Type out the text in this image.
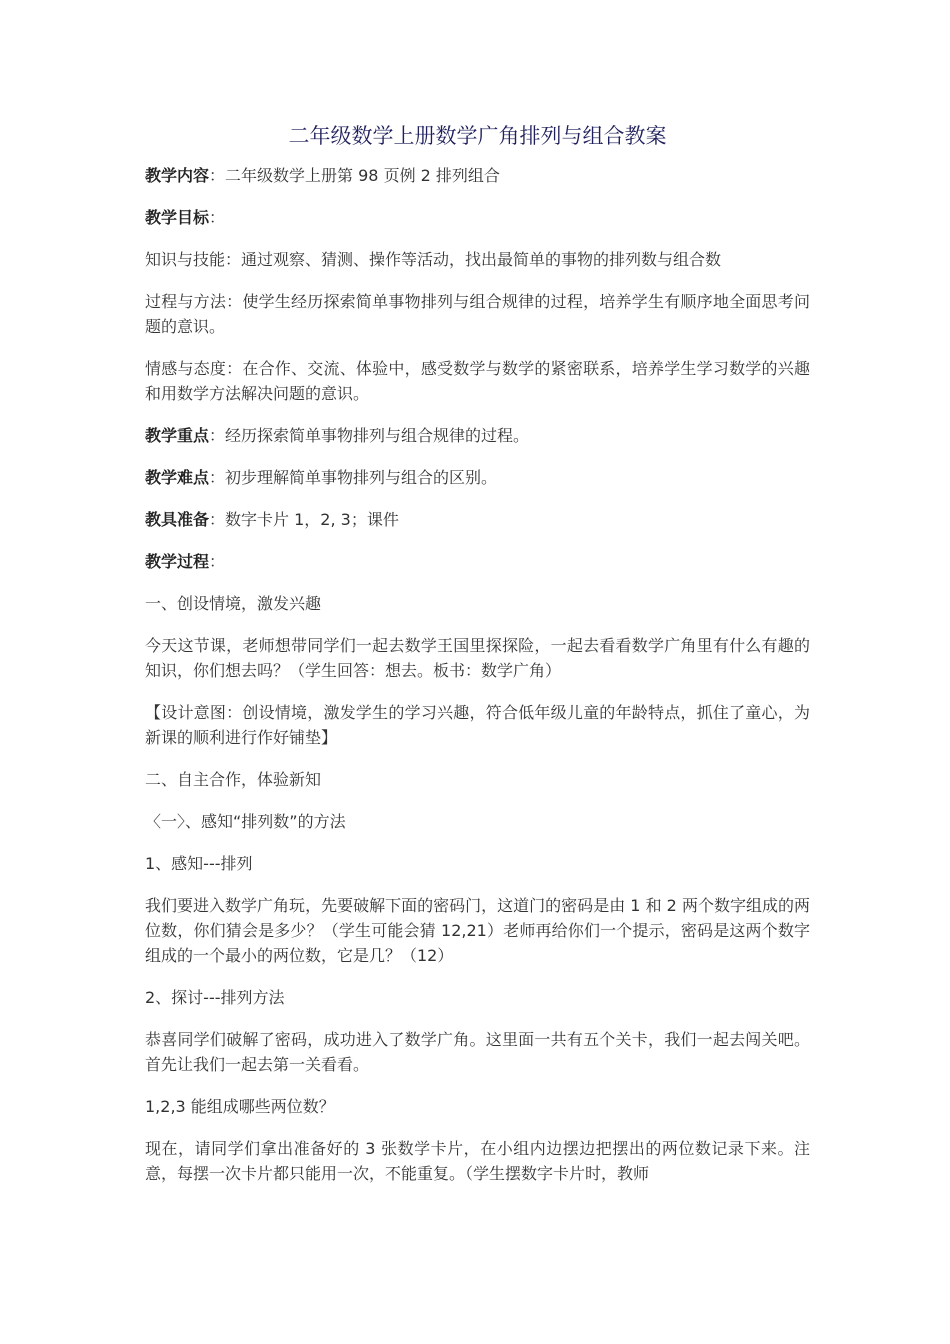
二年级数学上册数学广角排列与组合教案

教学内容：二年级数学上册第 98 页例 2 排列组合

教学目标：

知识与技能：通过观察、猜测、操作等活动，找出最简单的事物的排列数与组合数

过程与方法：使学生经历探索简单事物排列与组合规律的过程，培养学生有顺序地全面思考问题的意识。

情感与态度：在合作、交流、体验中，感受数学与数学的紧密联系，培养学生学习数学的兴趣和用数学方法解决问题的意识。

教学重点：经历探索简单事物排列与组合规律的过程。

教学难点：初步理解简单事物排列与组合的区别。

教具准备：数字卡片 1，2, 3；课件

教学过程：

一、创设情境，激发兴趣

今天这节课，老师想带同学们一起去数学王国里探探险，一起去看看数学广角里有什么有趣的知识，你们想去吗？（学生回答：想去。板书：数学广角）

【设计意图：创设情境，激发学生的学习兴趣，符合低年级儿童的年龄特点，抓住了童心，为新课的顺利进行作好铺垫】

二、自主合作，体验新知

〈一〉、感知“排列数”的方法

1、感知---排列

我们要进入数学广角玩，先要破解下面的密码门，这道门的密码是由 1 和 2 两个数字组成的两位数，你们猜会是多少？（学生可能会猜 12,21）老师再给你们一个提示，密码是这两个数字组成的一个最小的两位数，它是几？（12）

2、探讨---排列方法

恭喜同学们破解了密码，成功进入了数学广角。这里面一共有五个关卡，我们一起去闯关吧。首先让我们一起去第一关看看。

1,2,3 能组成哪些两位数？

现在，请同学们拿出准备好的 3 张数学卡片，在小组内边摆边把摆出的两位数记录下来。注意，每摆一次卡片都只能用一次，不能重复。（学生摆数字卡片时，教师
